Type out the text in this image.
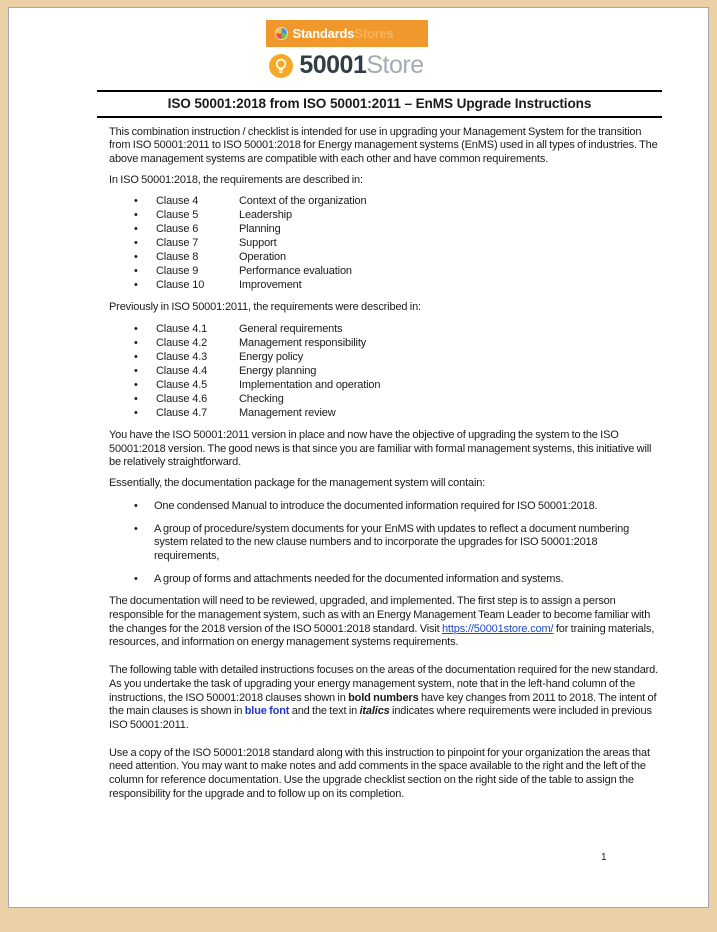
Standards Stores

50001 Store
ISO 50001:2018 from ISO 50001:2011 – EnMS Upgrade Instructions

This combination instruction / checklist is intended for use in upgrading your Management System for the transition from ISO 50001:2011 to ISO 50001:2018 for Energy management systems (EnMS) used in all types of industries. The above management systems are compatible with each other and have common requirements.

In ISO 50001:2018, the requirements are described in:

•	Clause 4	Context of the organization
•	Clause 5	Leadership
•	Clause 6	Planning
•	Clause 7	Support
•	Clause 8	Operation
•	Clause 9	Performance evaluation
•	Clause 10	Improvement

Previously in ISO 50001:2011, the requirements were described in:

•	Clause 4.1	General requirements
•	Clause 4.2	Management responsibility
•	Clause 4.3	Energy policy
•	Clause 4.4	Energy planning
•	Clause 4.5	Implementation and operation
•	Clause 4.6	Checking
•	Clause 4.7	Management review

You have the ISO 50001:2011 version in place and now have the objective of upgrading the system to the ISO 50001:2018 version. The good news is that since you are familiar with formal management systems, this initiative will be relatively straightforward.

Essentially, the documentation package for the management system will contain:

•	One condensed Manual to introduce the documented information required for ISO 50001:2018.
•	A group of procedure/system documents for your EnMS with updates to reflect a document numbering system related to the new clause numbers and to incorporate the upgrades for ISO 50001:2018 requirements,
•	A group of forms and attachments needed for the documented information and systems.

The documentation will need to be reviewed, upgraded, and implemented. The first step is to assign a person responsible for the management system, such as with an Energy Management Team Leader to become familiar with the changes for the 2018 version of the ISO 50001:2018 standard. Visit https://50001store.com/ for training materials, resources, and information on energy management systems requirements.

The following table with detailed instructions focuses on the areas of the documentation required for the new standard. As you undertake the task of upgrading your energy management system, note that in the left-hand column of the instructions, the ISO 50001:2018 clauses shown in bold numbers have key changes from 2011 to 2018. The intent of the main clauses is shown in blue font and the text in italics indicates where requirements were included in previous ISO 50001:2011.

Use a copy of the ISO 50001:2018 standard along with this instruction to pinpoint for your organization the areas that need attention. You may want to make notes and add comments in the space available to the right and the left of the column for reference documentation. Use the upgrade checklist section on the right side of the table to assign the responsibility for the upgrade and to follow up on its completion.

1
